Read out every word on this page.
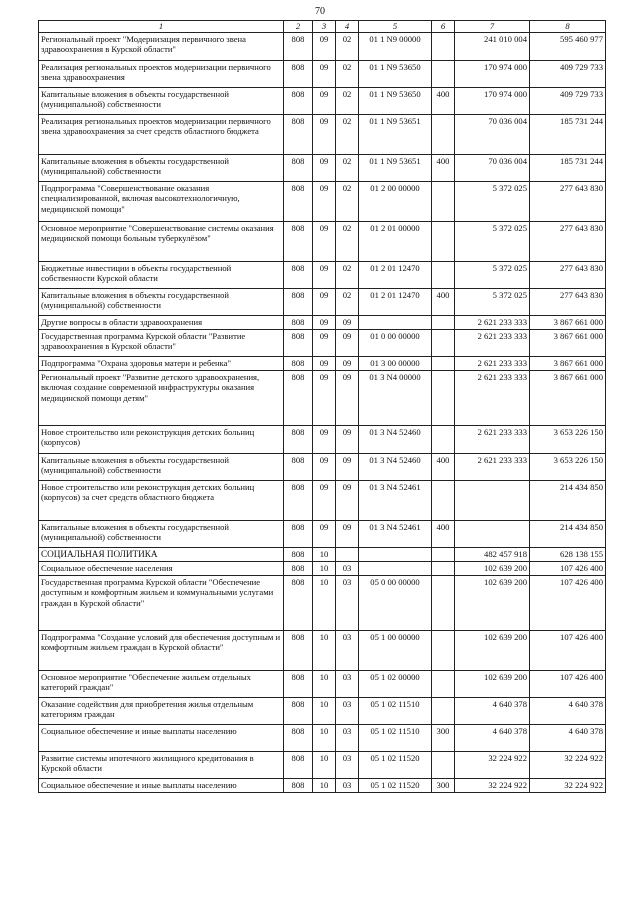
70
1	2	3	4	5	6	7	8
Региональный проект "Модернизация первичного звена здравоохранения в Курской области"	808	09	02	01 1 N9 00000		241 010 004	595 460 977
Реализация региональных проектов модернизации первичного звена здравоохранения	808	09	02	01 1 N9 53650		170 974 000	409 729 733
Капитальные вложения в объекты государственной (муниципальной) собственности	808	09	02	01 1 N9 53650	400	170 974 000	409 729 733
Реализация региональных проектов модернизации первичного звена здравоохранения за счет средств областного бюджета	808	09	02	01 1 N9 53651		70 036 004	185 731 244
Капитальные вложения в объекты государственной (муниципальной) собственности	808	09	02	01 1 N9 53651	400	70 036 004	185 731 244
Подпрограмма "Совершенствование оказания специализированной, включая высокотехнологичную, медицинской помощи"	808	09	02	01 2 00 00000		5 372 025	277 643 830
Основное мероприятие "Совершенствование системы оказания медицинской помощи больным туберкулёзом"	808	09	02	01 2 01 00000		5 372 025	277 643 830
Бюджетные инвестиции в объекты государственной собственности Курской области	808	09	02	01 2 01 12470		5 372 025	277 643 830
Капитальные вложения в объекты государственной (муниципальной) собственности	808	09	02	01 2 01 12470	400	5 372 025	277 643 830
Другие вопросы в области здравоохранения	808	09	09			2 621 233 333	3 867 661 000
Государственная программа Курской области "Развитие здравоохранения в Курской области"	808	09	09	01 0 00 00000		2 621 233 333	3 867 661 000
Подпрограмма "Охрана здоровья матери и ребенка"	808	09	09	01 3 00 00000		2 621 233 333	3 867 661 000
Региональный проект "Развитие детского здравоохранения, включая создание современной инфраструктуры оказания медицинской помощи детям"	808	09	09	01 3 N4 00000		2 621 233 333	3 867 661 000
Новое строительство или реконструкция детских больниц (корпусов)	808	09	09	01 3 N4 52460		2 621 233 333	3 653 226 150
Капитальные вложения в объекты государственной (муниципальной) собственности	808	09	09	01 3 N4 52460	400	2 621 233 333	3 653 226 150
Новое строительство или реконструкция детских больниц (корпусов) за счет средств областного бюджета	808	09	09	01 3 N4 52461			214 434 850
Капитальные вложения в объекты государственной (муниципальной) собственности	808	09	09	01 3 N4 52461	400		214 434 850
СОЦИАЛЬНАЯ ПОЛИТИКА	808	10				482 457 918	628 138 155
Социальное обеспечение населения	808	10	03			102 639 200	107 426 400
Государственная программа Курской области "Обеспечение доступным и комфортным жильем и коммунальными услугами граждан в Курской области"	808	10	03	05 0 00 00000		102 639 200	107 426 400
Подпрограмма "Создание условий для обеспечения доступным и комфортным жильем граждан в Курской области"	808	10	03	05 1 00 00000		102 639 200	107 426 400
Основное мероприятие "Обеспечение жильем отдельных категорий граждан"	808	10	03	05 1 02 00000		102 639 200	107 426 400
Оказание содействия для приобретения жилья отдельным категориям граждан	808	10	03	05 1 02 11510		4 640 378	4 640 378
Социальное обеспечение и иные выплаты населению	808	10	03	05 1 02 11510	300	4 640 378	4 640 378
Развитие системы ипотечного жилищного кредитования в Курской области	808	10	03	05 1 02 11520		32 224 922	32 224 922
Социальное обеспечение и иные выплаты населению	808	10	03	05 1 02 11520	300	32 224 922	32 224 922
